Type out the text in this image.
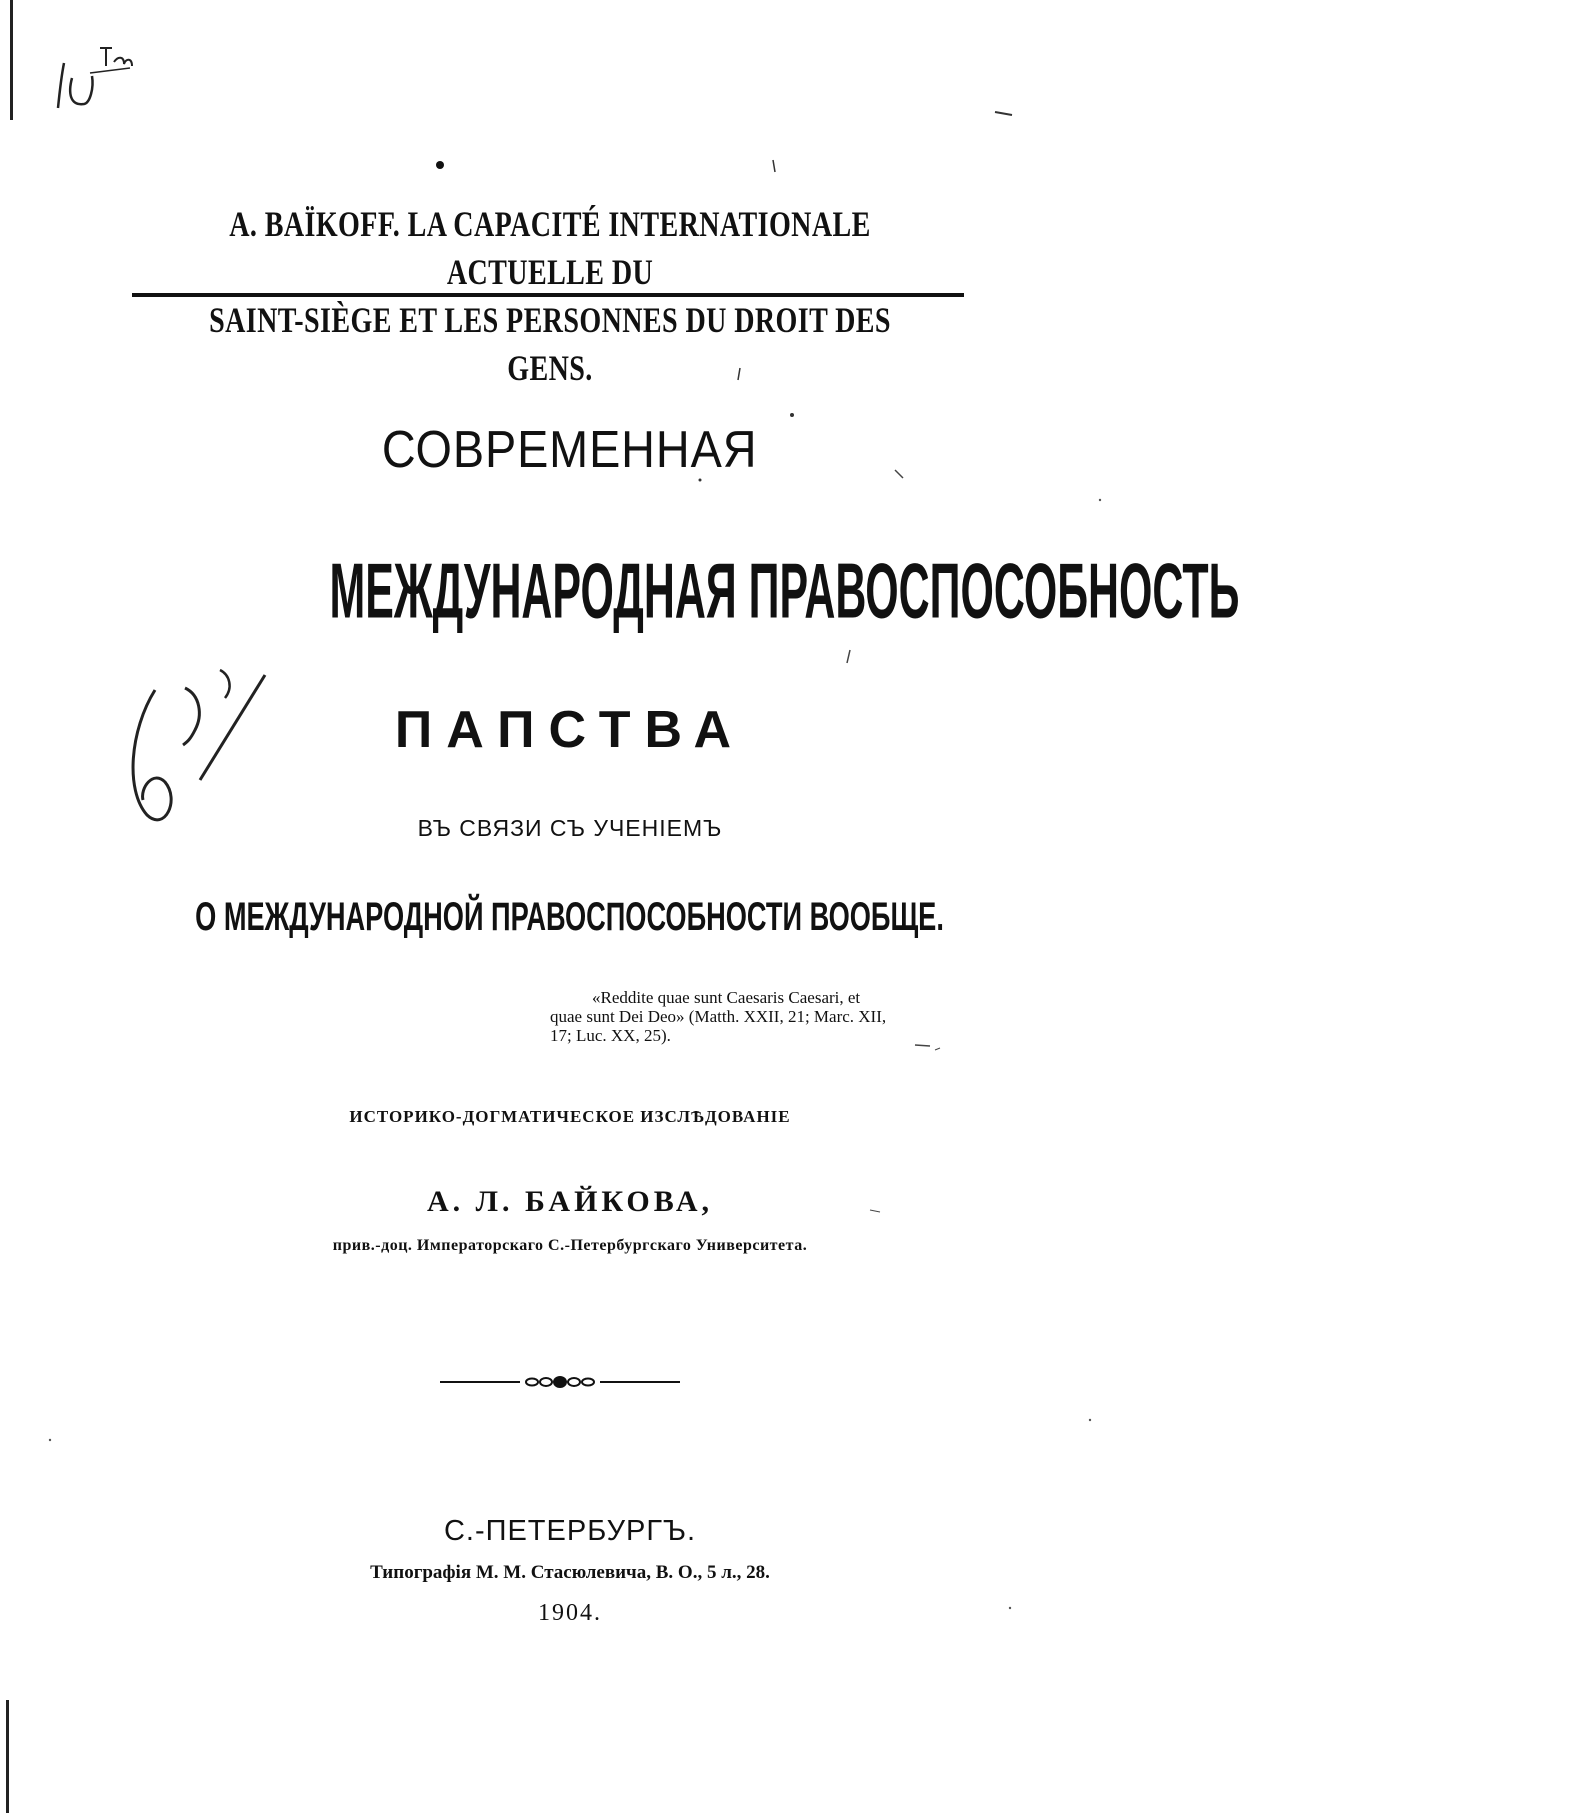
A. BAÏKOFF. LA CAPACITÉ INTERNATIONALE ACTUELLE DU
SAINT-SIÈGE ET LES PERSONNES DU DROIT DES GENS.
СОВРЕМЕННАЯ
МЕЖДУНАРОДНАЯ ПРАВОСПОСОБНОСТЬ
ПАПСТВА
ВЪ СВЯЗИ СЪ УЧЕНІЕМЪ
О МЕЖДУНАРОДНОЙ ПРАВОСПОСОБНОСТИ ВООБЩЕ.
«Reddite quae sunt Caesaris Caesari, et
quae sunt Dei Deo» (Matth. XXII, 21; Marc. XII,
17; Luc. XX, 25).
ИСТОРИКО-ДОГМАТИЧЕСКОЕ ИЗСЛѢДОВАНІЕ
А. Л. БАЙКОВА,
прив.-доц. Императорскаго С.-Петербургскаго Университета.
С.-ПЕТЕРБУРГЪ.
Типографія М. М. Стасюлевича, В. О., 5 л., 28.
1904.
